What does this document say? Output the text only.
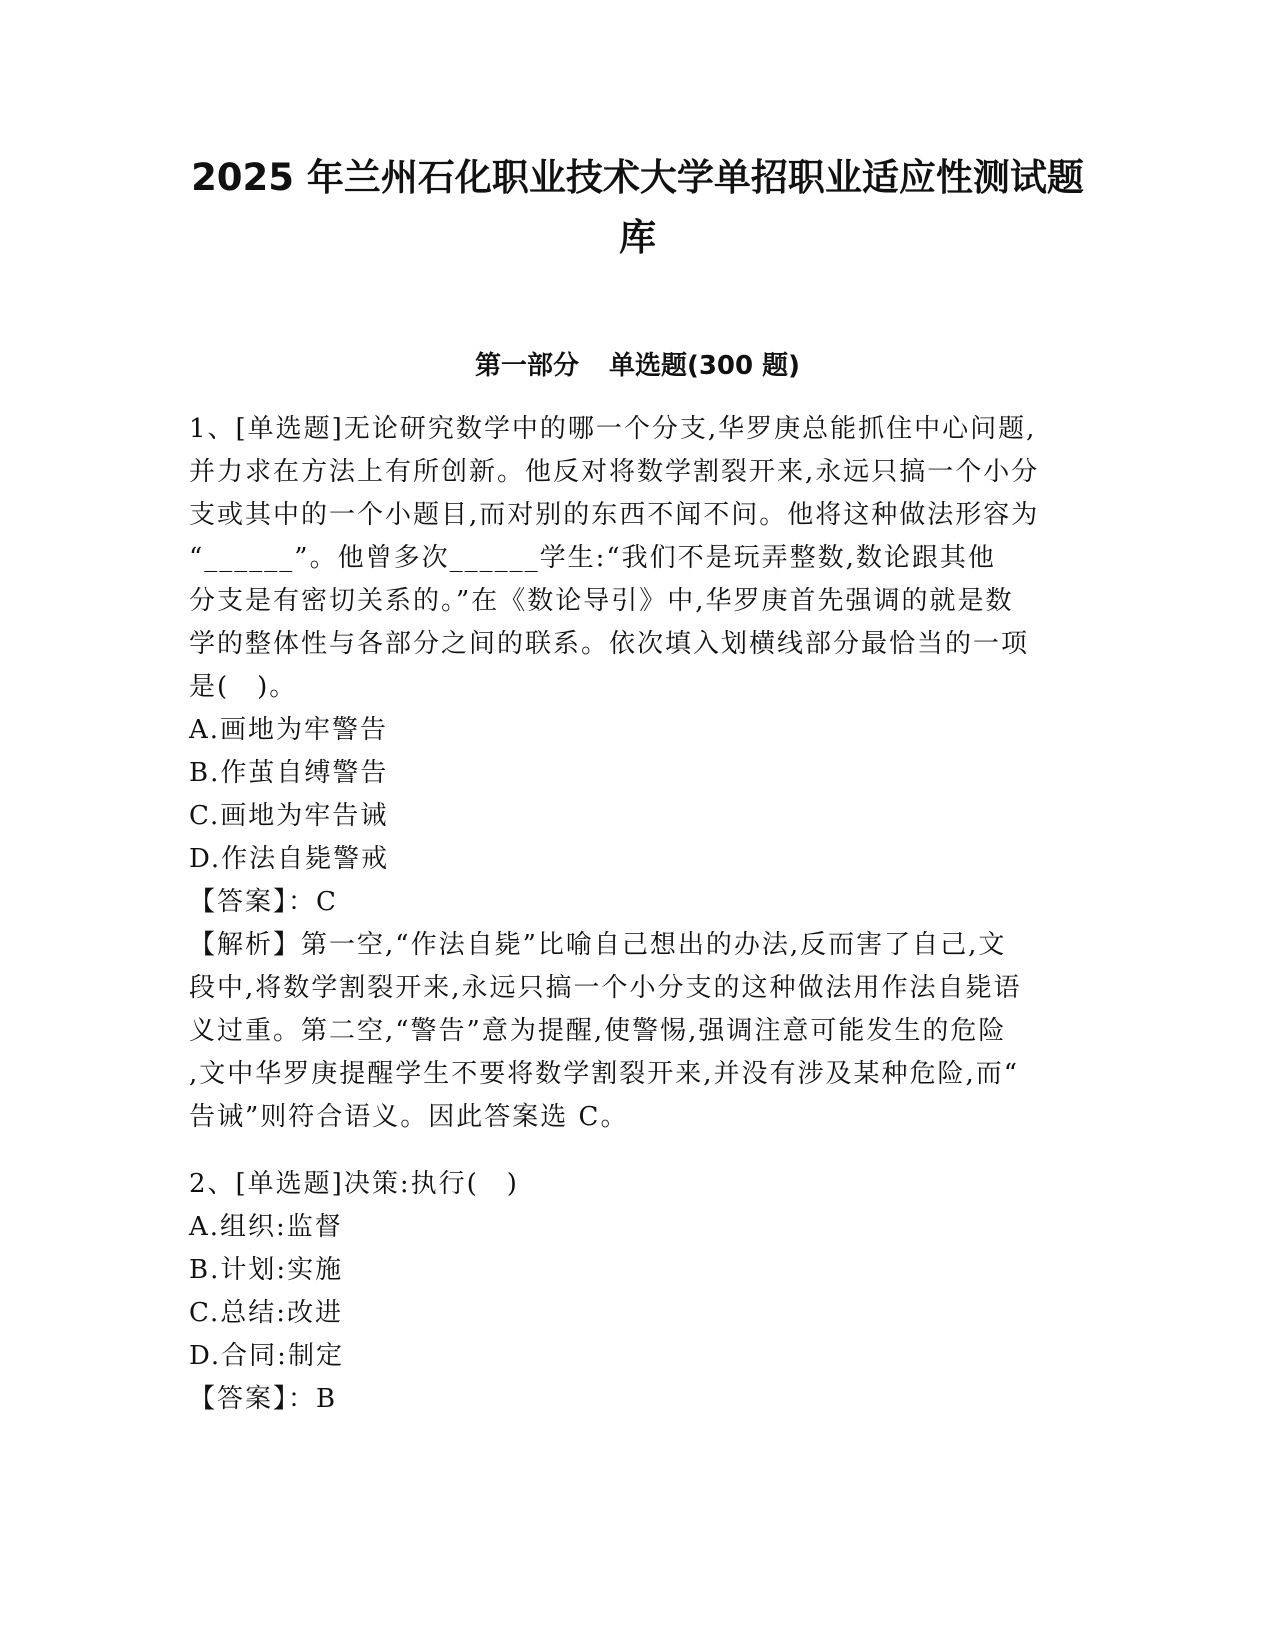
2025 年兰州石化职业技术大学单招职业适应性测试题
库
第一部分 单选题(300 题)
1、[单选题]无论研究数学中的哪一个分支,华罗庚总能抓住中心问题,
并力求在方法上有所创新。他反对将数学割裂开来,永远只搞一个小分
支或其中的一个小题目,而对别的东西不闻不问。他将这种做法形容为
“______”。他曾多次______学生:“我们不是玩弄整数,数论跟其他
分支是有密切关系的。”在《数论导引》中,华罗庚首先强调的就是数
学的整体性与各部分之间的联系。依次填入划横线部分最恰当的一项
是(　)。
A.画地为牢警告
B.作茧自缚警告
C.画地为牢告诫
D.作法自毙警戒
【答案】：C
【解析】第一空,“作法自毙”比喻自己想出的办法,反而害了自己,文
段中,将数学割裂开来,永远只搞一个小分支的这种做法用作法自毙语
义过重。第二空,“警告”意为提醒,使警惕,强调注意可能发生的危险
,文中华罗庚提醒学生不要将数学割裂开来,并没有涉及某种危险,而“
告诫”则符合语义。因此答案选 C。
2、[单选题]决策:执行(　)
A.组织:监督
B.计划:实施
C.总结:改进
D.合同:制定
【答案】：B
